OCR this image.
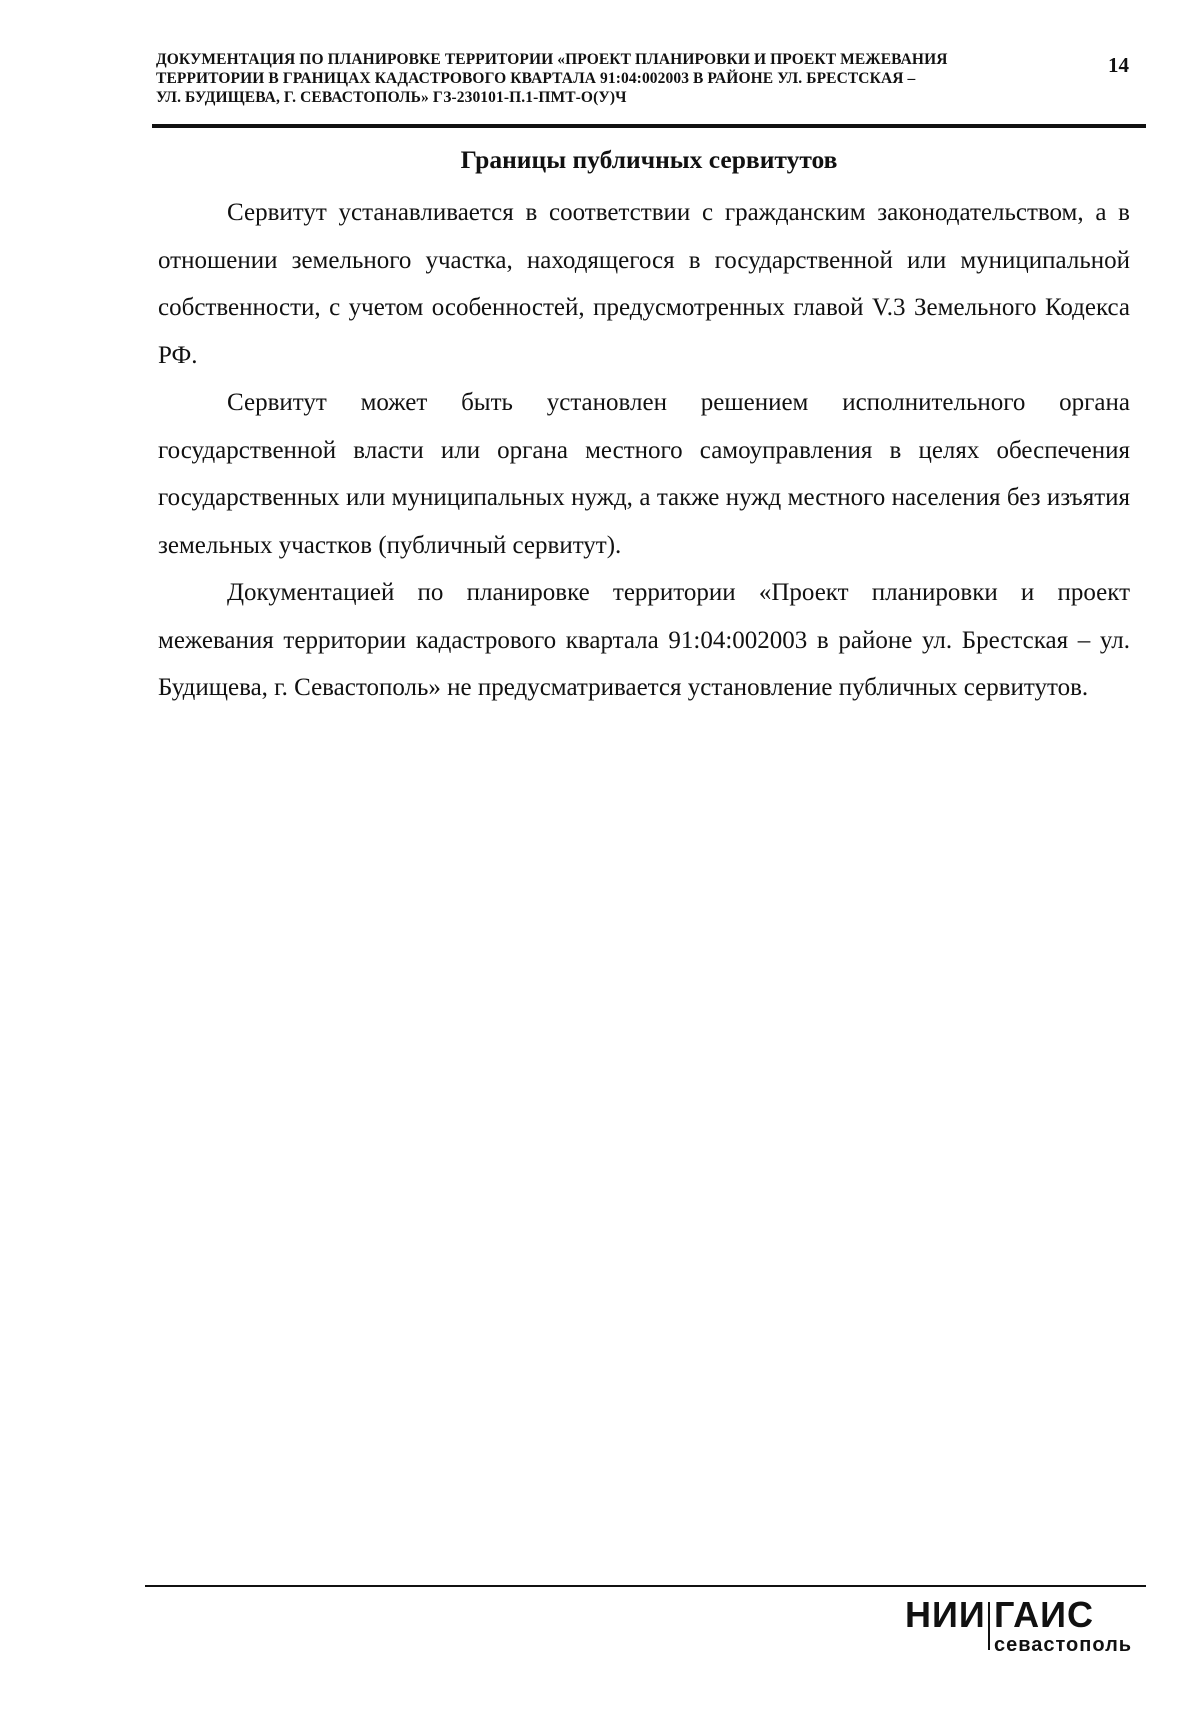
ДОКУМЕНТАЦИЯ ПО ПЛАНИРОВКЕ ТЕРРИТОРИИ «ПРОЕКТ ПЛАНИРОВКИ И ПРОЕКТ МЕЖЕВАНИЯ
ТЕРРИТОРИИ В ГРАНИЦАХ КАДАСТРОВОГО КВАРТАЛА 91:04:002003 В РАЙОНЕ УЛ. БРЕСТСКАЯ –
УЛ. БУДИЩЕВА, Г. СЕВАСТОПОЛЬ» ГЗ-230101-П.1-ПМТ-О(У)Ч
14
Границы публичных сервитутов

Сервитут устанавливается в соответствии с гражданским законодательством, а в отношении земельного участка, находящегося в государственной или муниципальной собственности, с учетом особенностей, предусмотренных главой V.3 Земельного Кодекса РФ.

Сервитут может быть установлен решением исполнительного органа государственной власти или органа местного самоуправления в целях обеспечения государственных или муниципальных нужд, а также нужд местного населения без изъятия земельных участков (публичный сервитут).

Документацией по планировке территории «Проект планировки и проект межевания территории кадастрового квартала 91:04:002003 в районе ул. Брестская – ул. Будищева, г. Севастополь» не предусматривается установление публичных сервитутов.

НИИ ГАИС
севастополь
